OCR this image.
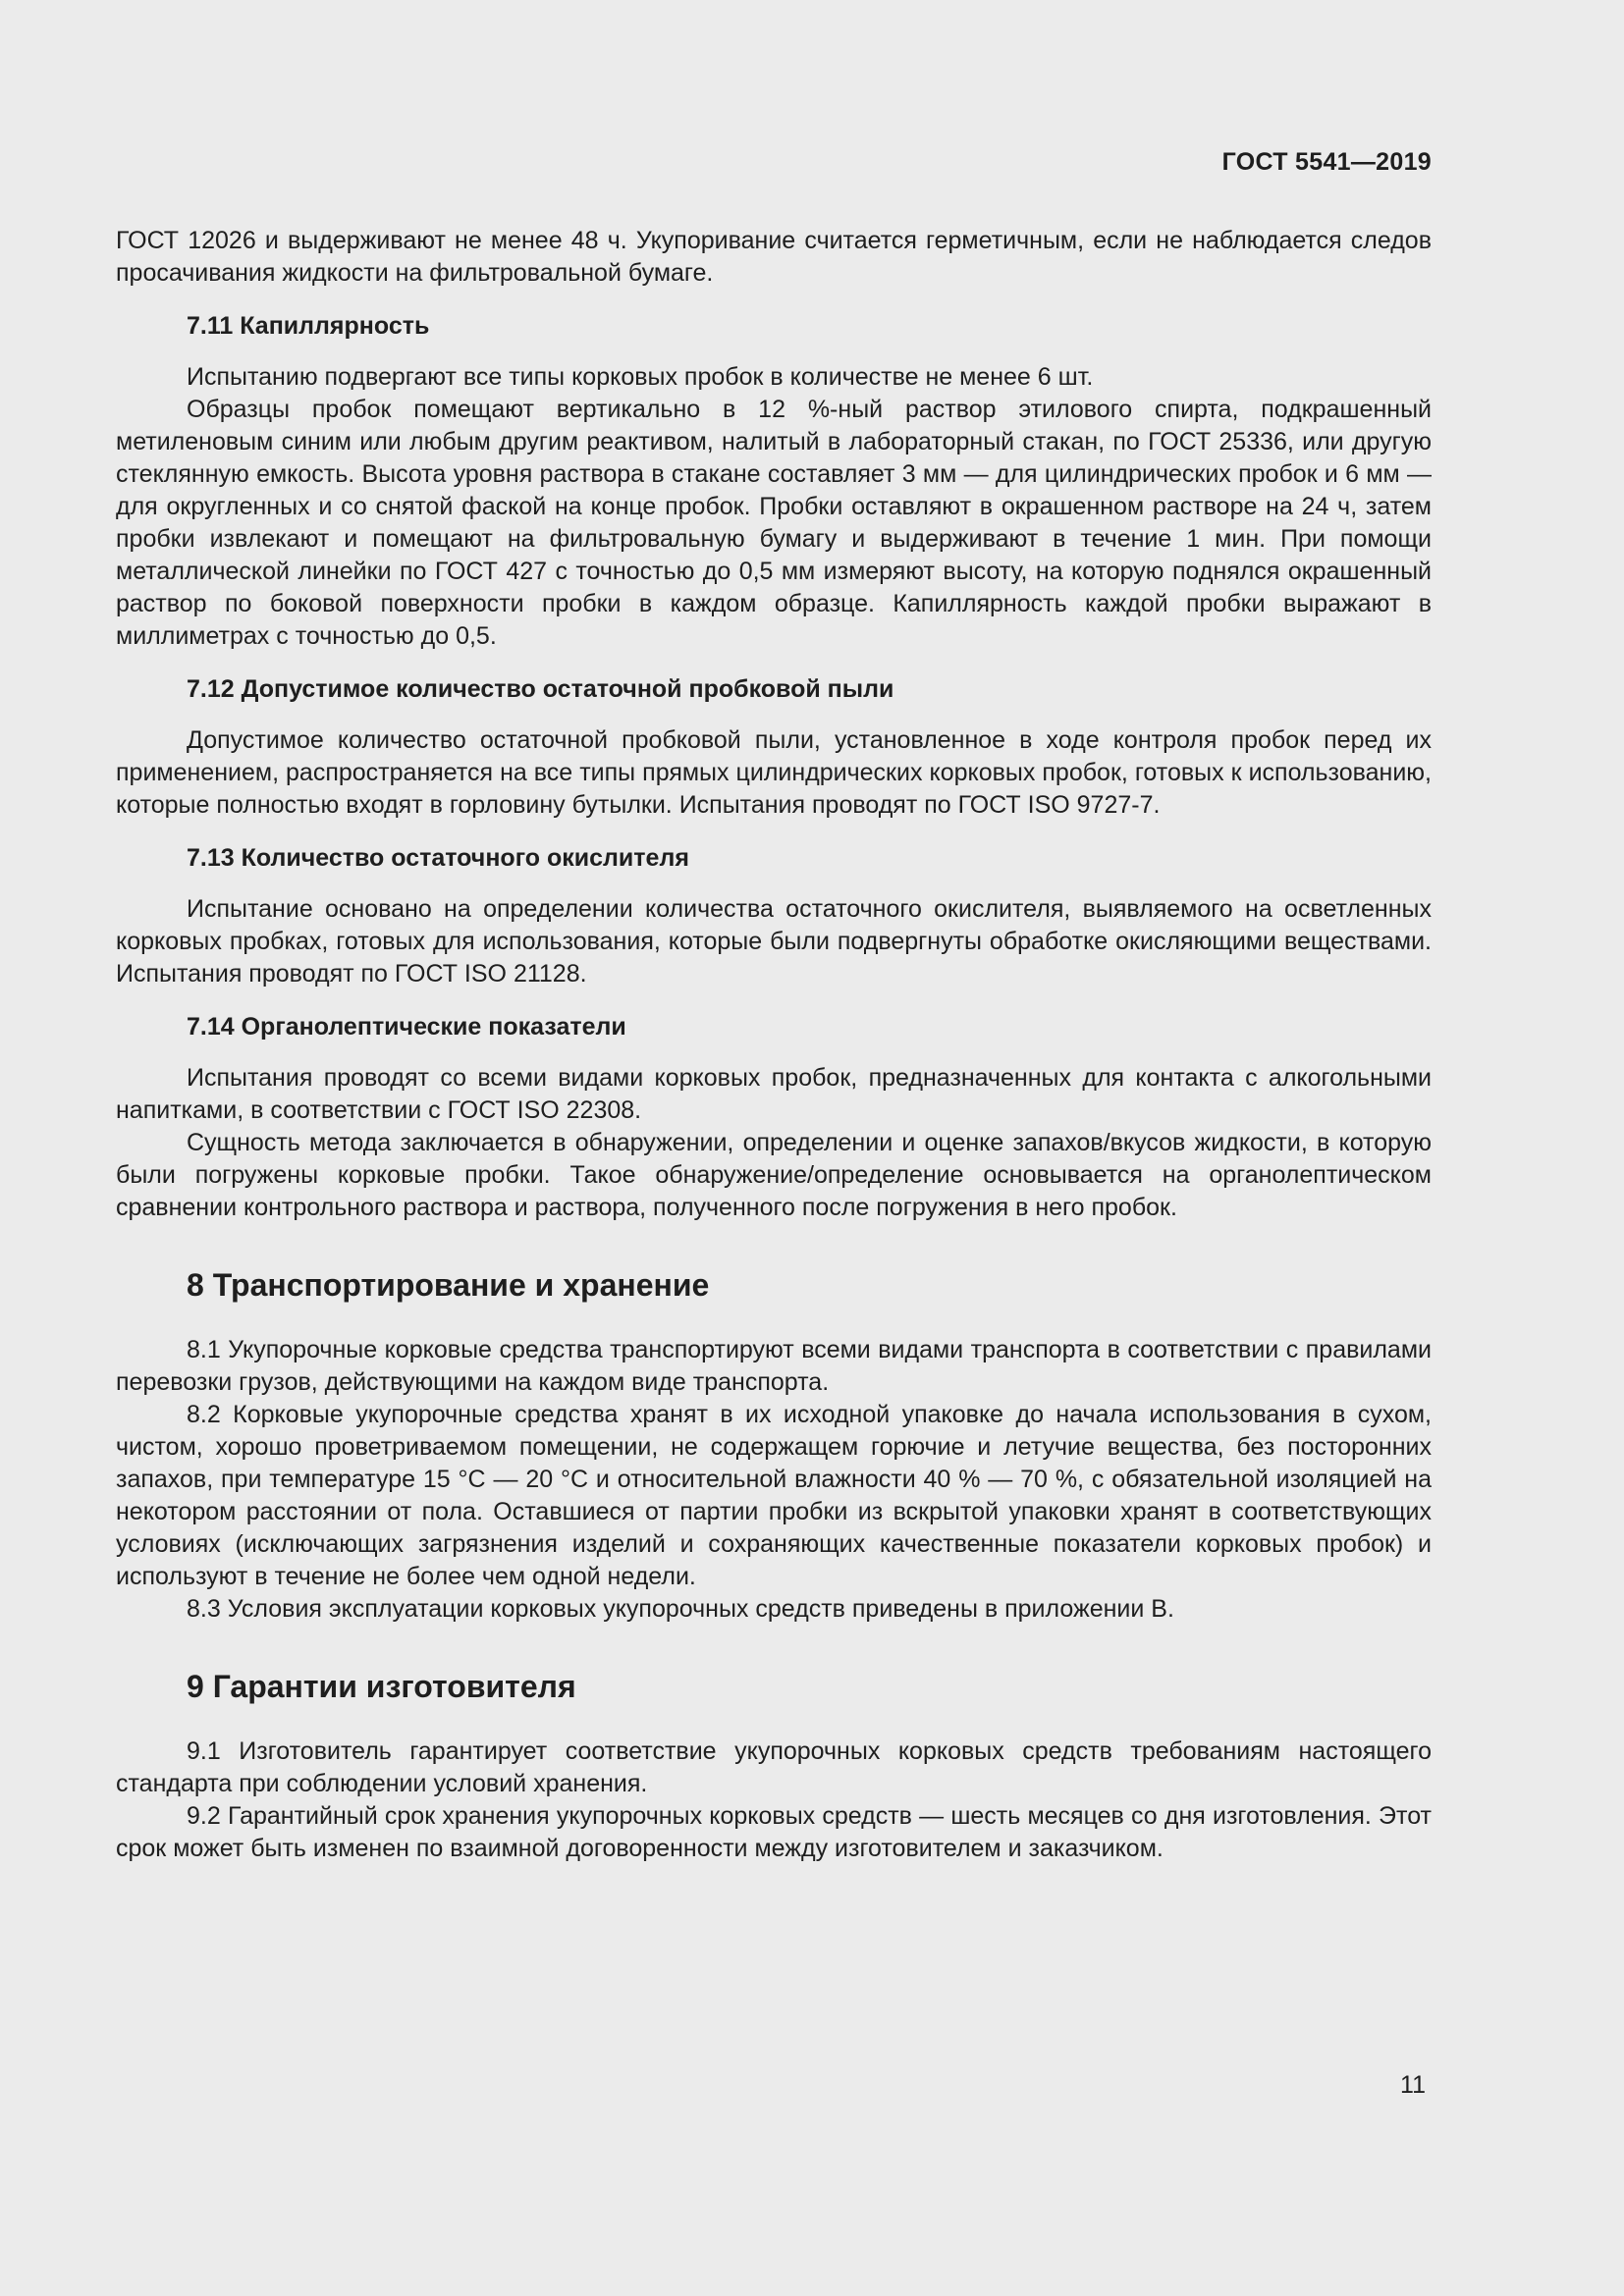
ГОСТ 5541—2019

ГОСТ 12026 и выдерживают не менее 48 ч. Укупоривание считается герметичным, если не наблюдается следов просачивания жидкости на фильтровальной бумаге.

7.11 Капиллярность

Испытанию подвергают все типы корковых пробок в количестве не менее 6 шт.

Образцы пробок помещают вертикально в 12 %-ный раствор этилового спирта, подкрашенный метиленовым синим или любым другим реактивом, налитый в лабораторный стакан, по ГОСТ 25336, или другую стеклянную емкость. Высота уровня раствора в стакане составляет 3 мм — для цилиндрических пробок и 6 мм — для округленных и со снятой фаской на конце пробок. Пробки оставляют в окрашенном растворе на 24 ч, затем пробки извлекают и помещают на фильтровальную бумагу и выдерживают в течение 1 мин. При помощи металлической линейки по ГОСТ 427 с точностью до 0,5 мм измеряют высоту, на которую поднялся окрашенный раствор по боковой поверхности пробки в каждом образце. Капиллярность каждой пробки выражают в миллиметрах с точностью до 0,5.

7.12 Допустимое количество остаточной пробковой пыли

Допустимое количество остаточной пробковой пыли, установленное в ходе контроля пробок перед их применением, распространяется на все типы прямых цилиндрических корковых пробок, готовых к использованию, которые полностью входят в горловину бутылки. Испытания проводят по ГОСТ ISO 9727-7.

7.13 Количество остаточного окислителя

Испытание основано на определении количества остаточного окислителя, выявляемого на осветленных корковых пробках, готовых для использования, которые были подвергнуты обработке окисляющими веществами. Испытания проводят по ГОСТ ISO 21128.

7.14 Органолептические показатели

Испытания проводят со всеми видами корковых пробок, предназначенных для контакта с алкогольными напитками, в соответствии с ГОСТ ISO 22308.

Сущность метода заключается в обнаружении, определении и оценке запахов/вкусов жидкости, в которую были погружены корковые пробки. Такое обнаружение/определение основывается на органолептическом сравнении контрольного раствора и раствора, полученного после погружения в него пробок.

8 Транспортирование и хранение

8.1 Укупорочные корковые средства транспортируют всеми видами транспорта в соответствии с правилами перевозки грузов, действующими на каждом виде транспорта.

8.2 Корковые укупорочные средства хранят в их исходной упаковке до начала использования в сухом, чистом, хорошо проветриваемом помещении, не содержащем горючие и летучие вещества, без посторонних запахов, при температуре 15 °С — 20 °С и относительной влажности 40 % — 70 %, с обязательной изоляцией на некотором расстоянии от пола. Оставшиеся от партии пробки из вскрытой упаковки хранят в соответствующих условиях (исключающих загрязнения изделий и сохраняющих качественные показатели корковых пробок) и используют в течение не более чем одной недели.

8.3 Условия эксплуатации корковых укупорочных средств приведены в приложении В.

9 Гарантии изготовителя

9.1 Изготовитель гарантирует соответствие укупорочных корковых средств требованиям настоящего стандарта при соблюдении условий хранения.

9.2 Гарантийный срок хранения укупорочных корковых средств — шесть месяцев со дня изготовления. Этот срок может быть изменен по взаимной договоренности между изготовителем и заказчиком.

11
